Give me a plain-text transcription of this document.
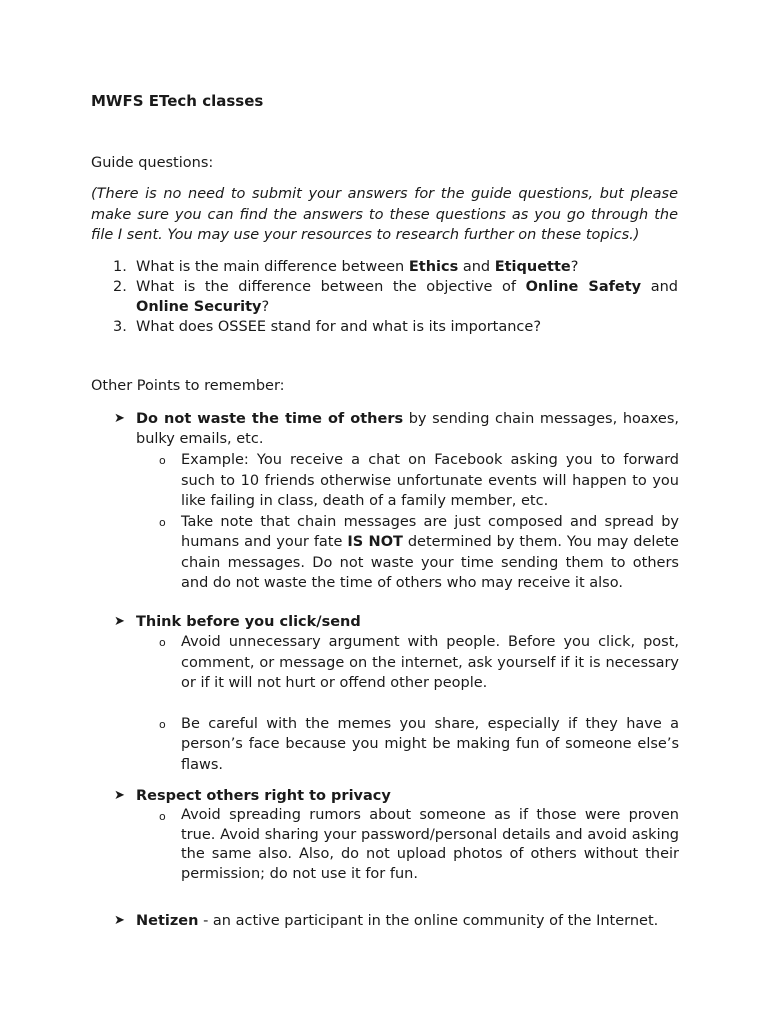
MWFS ETech classes
Guide questions:
(There is no need to submit your answers for the guide questions, but please make sure you can find the answers to these questions as you go through the file I sent. You may use your resources to research further on these topics.)
1. What is the main difference between Ethics and Etiquette?
2. What is the difference between the objective of Online Safety and Online Security?
3. What does OSSEE stand for and what is its importance?
Other Points to remember:
➤ Do not waste the time of others by sending chain messages, hoaxes, bulky emails, etc.
o Example: You receive a chat on Facebook asking you to forward such to 10 friends otherwise unfortunate events will happen to you like failing in class, death of a family member, etc.
o Take note that chain messages are just composed and spread by humans and your fate IS NOT determined by them. You may delete chain messages. Do not waste your time sending them to others and do not waste the time of others who may receive it also.
➤ Think before you click/send
o Avoid unnecessary argument with people. Before you click, post, comment, or message on the internet, ask yourself if it is necessary or if it will not hurt or offend other people.
o Be careful with the memes you share, especially if they have a person’s face because you might be making fun of someone else’s flaws.
➤ Respect others right to privacy
o Avoid spreading rumors about someone as if those were proven true. Avoid sharing your password/personal details and avoid asking the same also. Also, do not upload photos of others without their permission; do not use it for fun.
➤ Netizen - an active participant in the online community of the Internet.
